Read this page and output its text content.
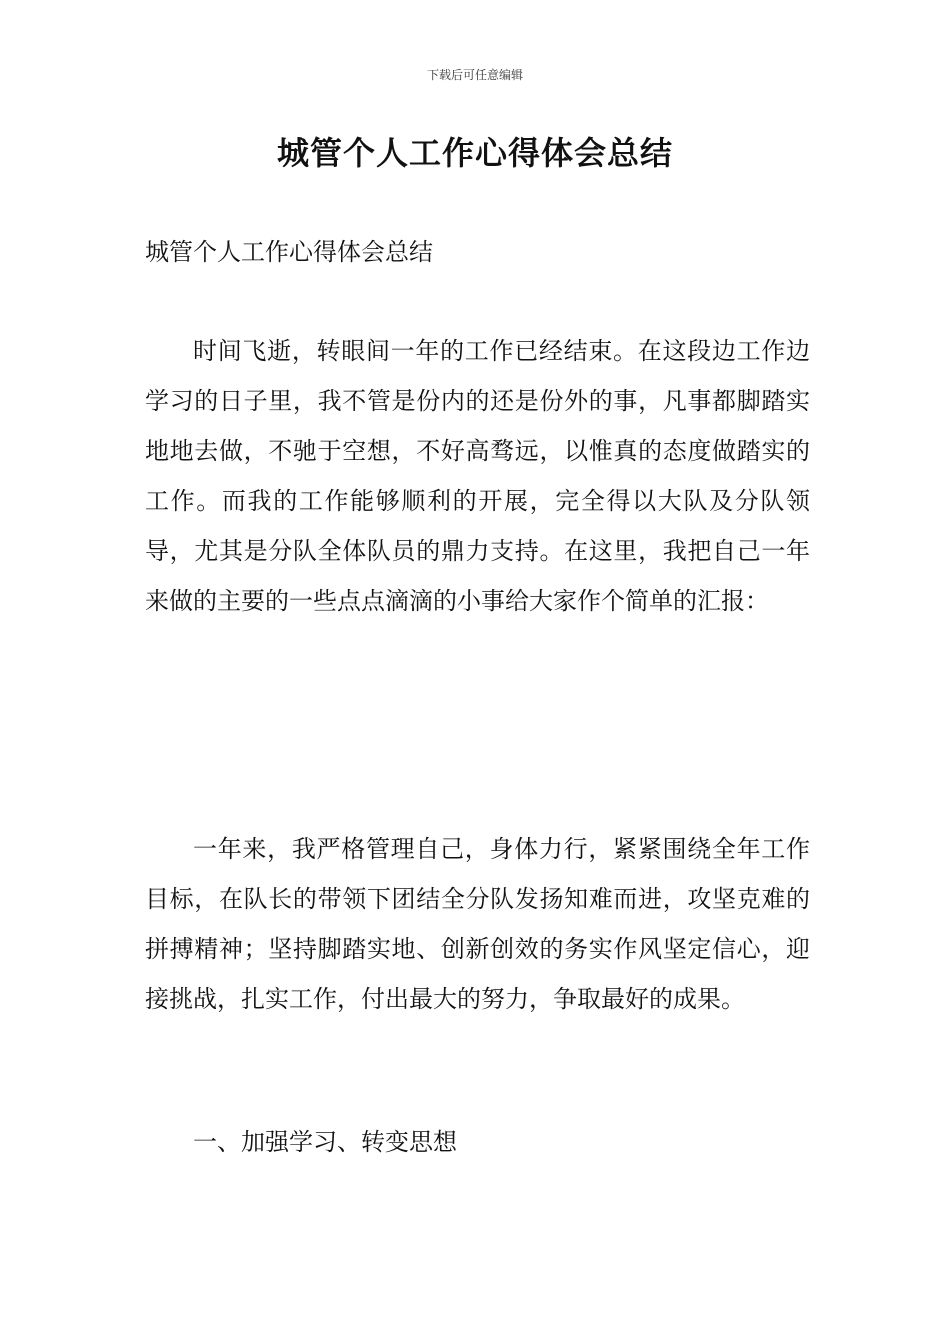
下载后可任意编辑
城管个人工作心得体会总结

城管个人工作心得体会总结

时间飞逝，转眼间一年的工作已经结束。在这段边工作边学习的日子里，我不管是份内的还是份外的事，凡事都脚踏实地地去做，不驰于空想，不好高骛远，以惟真的态度做踏实的工作。而我的工作能够顺利的开展，完全得以大队及分队领导，尤其是分队全体队员的鼎力支持。在这里，我把自己一年来做的主要的一些点点滴滴的小事给大家作个简单的汇报：

一年来，我严格管理自己，身体力行，紧紧围绕全年工作目标，在队长的带领下团结全分队发扬知难而进，攻坚克难的拼搏精神；坚持脚踏实地、创新创效的务实作风坚定信心，迎接挑战，扎实工作，付出最大的努力，争取最好的成果。

一、加强学习、转变思想
